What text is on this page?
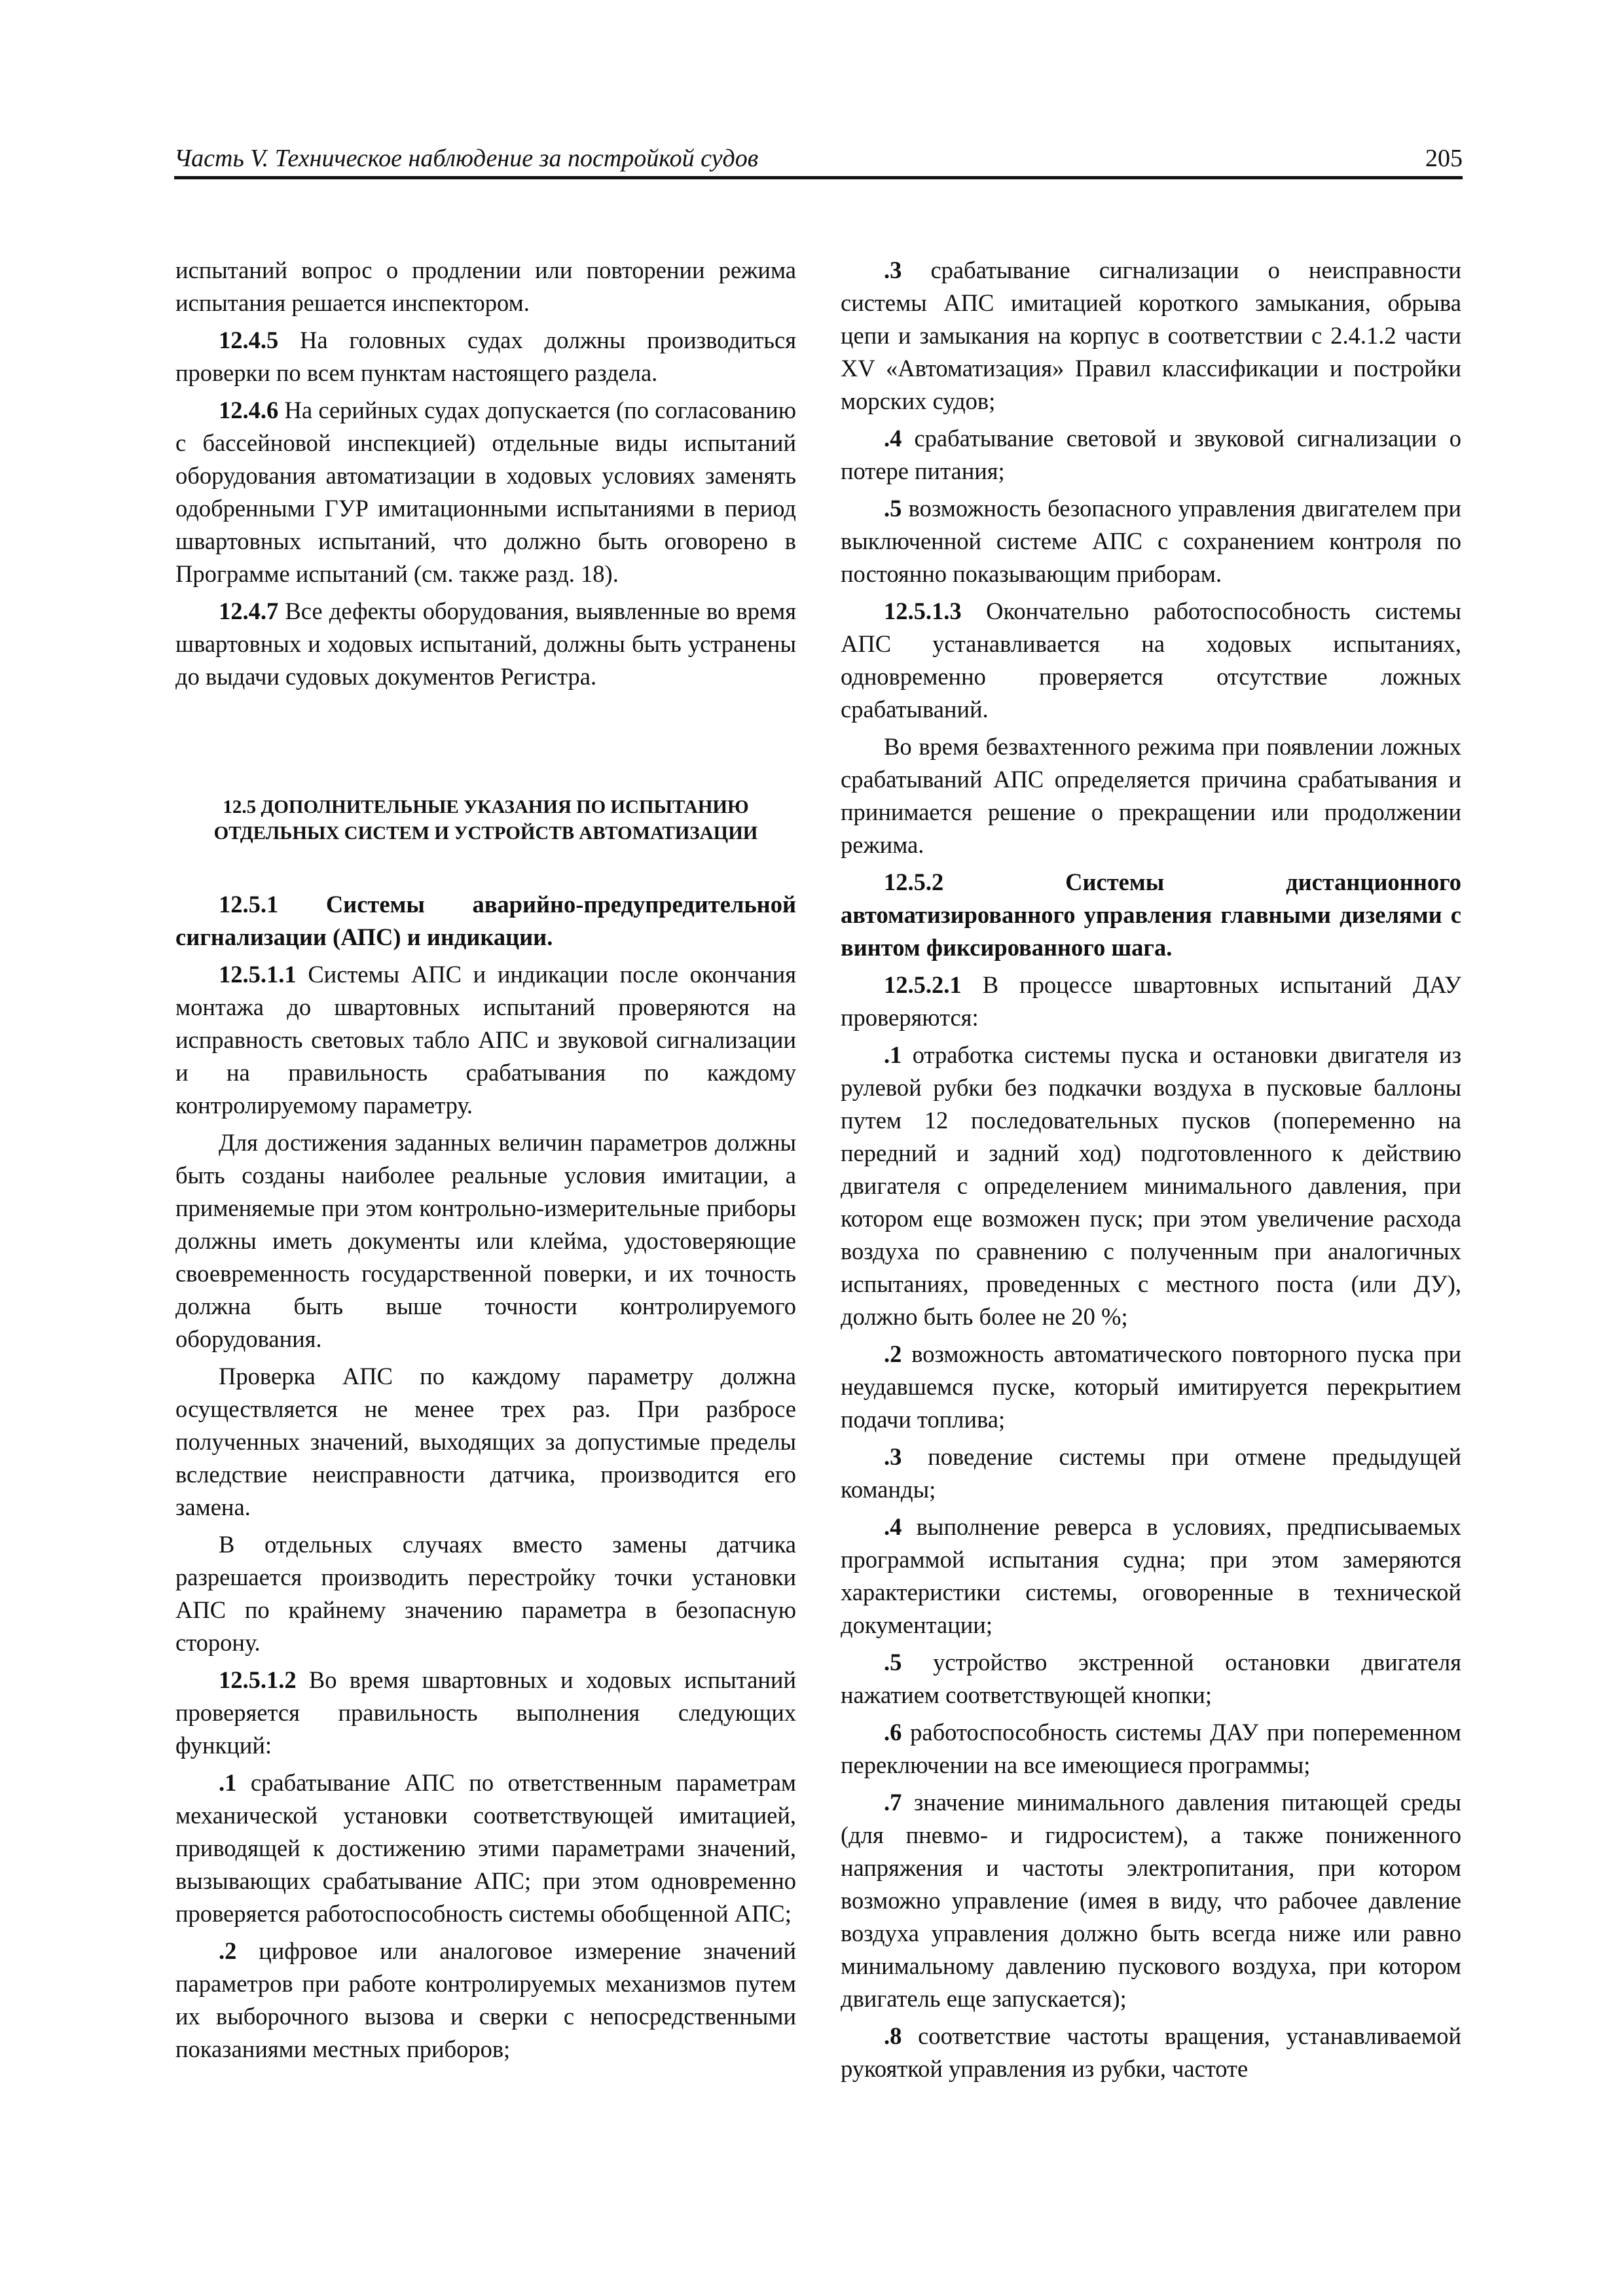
Часть V. Техническое наблюдение за постройкой судов	205

испытаний вопрос о продлении или повторении режима испытания решается инспектором.

12.4.5 На головных судах должны производиться проверки по всем пунктам настоящего раздела.

12.4.6 На серийных судах допускается (по согласованию с бассейновой инспекцией) отдельные виды испытаний оборудования автоматизации в ходовых условиях заменять одобренными ГУР имитационными испытаниями в период швартовных испытаний, что должно быть оговорено в Программе испытаний (см. также разд. 18).

12.4.7 Все дефекты оборудования, выявленные во время швартовных и ходовых испытаний, должны быть устранены до выдачи судовых документов Регистра.

12.5 ДОПОЛНИТЕЛЬНЫЕ УКАЗАНИЯ ПО ИСПЫТАНИЮ
ОТДЕЛЬНЫХ СИСТЕМ И УСТРОЙСТВ АВТОМАТИЗАЦИИ

12.5.1 Системы аварийно-предупредительной сигнализации (АПС) и индикации.

12.5.1.1 Системы АПС и индикации после окончания монтажа до швартовных испытаний проверяются на исправность световых табло АПС и звуковой сигнализации и на правильность срабатывания по каждому контролируемому параметру.

Для достижения заданных величин параметров должны быть созданы наиболее реальные условия имитации, а применяемые при этом контрольно-измерительные приборы должны иметь документы или клейма, удостоверяющие своевременность государственной поверки, и их точность должна быть выше точности контролируемого оборудования.

Проверка АПС по каждому параметру должна осуществляется не менее трех раз. При разбросе полученных значений, выходящих за допустимые пределы вследствие неисправности датчика, производится его замена.

В отдельных случаях вместо замены датчика разрешается производить перестройку точки установки АПС по крайнему значению параметра в безопасную сторону.

12.5.1.2 Во время швартовных и ходовых испытаний проверяется правильность выполнения следующих функций:

.1 срабатывание АПС по ответственным параметрам механической установки соответствующей имитацией, приводящей к достижению этими параметрами значений, вызывающих срабатывание АПС; при этом одновременно проверяется работоспособность системы обобщенной АПС;

.2 цифровое или аналоговое измерение значений параметров при работе контролируемых механизмов путем их выборочного вызова и сверки с непосредственными показаниями местных приборов;

.3 срабатывание сигнализации о неисправности системы АПС имитацией короткого замыкания, обрыва цепи и замыкания на корпус в соответствии с 2.4.1.2 части XV «Автоматизация» Правил классификации и постройки морских судов;

.4 срабатывание световой и звуковой сигнализации о потере питания;

.5 возможность безопасного управления двигателем при выключенной системе АПС с сохранением контроля по постоянно показывающим приборам.

12.5.1.3 Окончательно работоспособность системы АПС устанавливается на ходовых испытаниях, одновременно проверяется отсутствие ложных срабатываний.

Во время безвахтенного режима при появлении ложных срабатываний АПС определяется причина срабатывания и принимается решение о прекращении или продолжении режима.

12.5.2 Системы дистанционного автоматизированного управления главными дизелями с винтом фиксированного шага.

12.5.2.1 В процессе швартовных испытаний ДАУ проверяются:

.1 отработка системы пуска и остановки двигателя из рулевой рубки без подкачки воздуха в пусковые баллоны путем 12 последовательных пусков (попеременно на передний и задний ход) подготовленного к действию двигателя с определением минимального давления, при котором еще возможен пуск; при этом увеличение расхода воздуха по сравнению с полученным при аналогичных испытаниях, проведенных с местного поста (или ДУ), должно быть более не 20 %;

.2 возможность автоматического повторного пуска при неудавшемся пуске, который имитируется перекрытием подачи топлива;

.3 поведение системы при отмене предыдущей команды;

.4 выполнение реверса в условиях, предписываемых программой испытания судна; при этом замеряются характеристики системы, оговоренные в технической документации;

.5 устройство экстренной остановки двигателя нажатием соответствующей кнопки;

.6 работоспособность системы ДАУ при попеременном переключении на все имеющиеся программы;

.7 значение минимального давления питающей среды (для пневмо- и гидросистем), а также пониженного напряжения и частоты электропитания, при котором возможно управление (имея в виду, что рабочее давление воздуха управления должно быть всегда ниже или равно минимальному давлению пускового воздуха, при котором двигатель еще запускается);

.8 соответствие частоты вращения, устанавливаемой рукояткой управления из рубки, частоте
